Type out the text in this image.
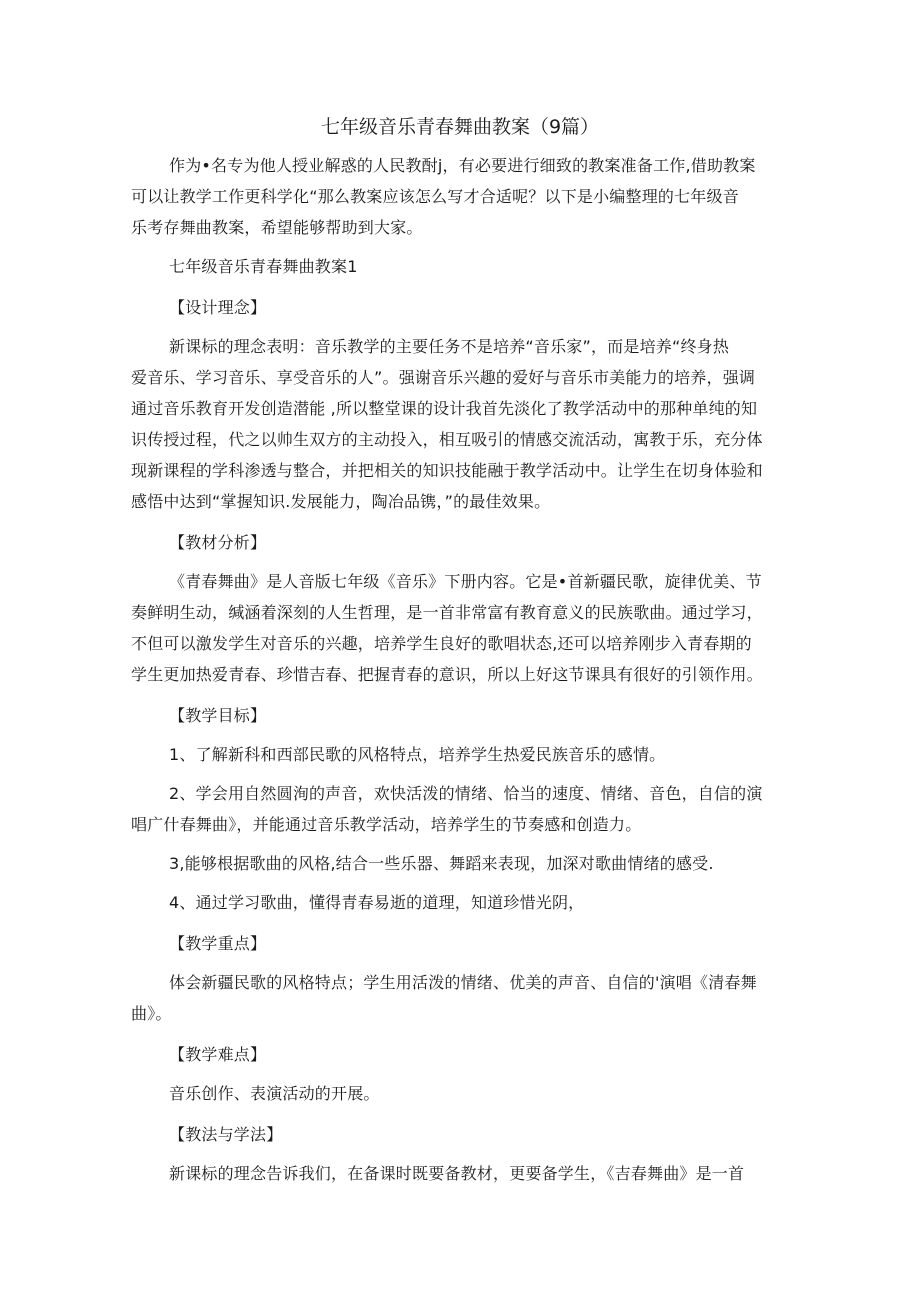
七年级音乐青春舞曲教案（9篇）

作为•名专为他人授业解惑的人民教酎j，有必要进行细致的教案准备工作,借助教案

可以让教学工作更科学化“那么教案应该怎么写才合适呢？以下是小编整理的七年级音

乐考存舞曲教案，希望能够帮助到大家。

七年级音乐青春舞曲教案1

【设计理念】

新课标的理念表明：音乐教学的主要任务不是培养“音乐家”，而是培养“终身热

爱音乐、学习音乐、享受音乐的人”。强谢音乐兴趣的爱好与音乐市美能力的培养，强调

通过音乐教育开发创造潜能 ,所以整堂课的设计我首先淡化了教学活动中的那种单纯的知

识传授过程，代之以帅生双方的主动投入，相互吸引的情感交流活动，寓教于乐，充分体

现新课程的学科渗透与整合，并把相关的知识技能融于教学活动中。让学生在切身体验和

感悟中达到“掌握知识.发展能力，陶冶品镌，”的最佳效果。

【教材分析】

《青春舞曲》是人音版七年级《音乐》下册内容。它是•首新疆民歌，旋律优美、节

奏鲜明生动，缄涵着深刻的人生哲理，是一首非常富有教育意义的民族歌曲。通过学习，

不但可以激发学生对音乐的兴趣，培养学生良好的歌唱状态,还可以培养刚步入青春期的

学生更加热爱青春、珍惜吉春、把握青春的意识，所以上好这节课具有很好的引领作用。

【教学目标】

1、了解新科和西部民歌的风格特点，培养学生热爱民族音乐的感情。

2、学会用自然圆洵的声音，欢快活泼的情绪、恰当的速度、情绪、音色，自信的演

唱广什春舞曲》，并能通过音乐教学活动，培养学生的节奏感和创造力。

3,能够根据歌曲的风格,结合一些乐器、舞蹈来表现，加深对歌曲情绪的感受.

4、通过学习歌曲，懂得青春易逝的道理，知道珍惜光阴，

【教学重点】

体会新疆民歌的风格特点；学生用活泼的情绪、优美的声音、自信的'演唱《清春舞

曲》。

【教学难点】

音乐创作、表演活动的开展。

【教法与学法】

新课标的理念告诉我们，在备课时既要备教材，更要备学生，《吉春舞曲》是一首
